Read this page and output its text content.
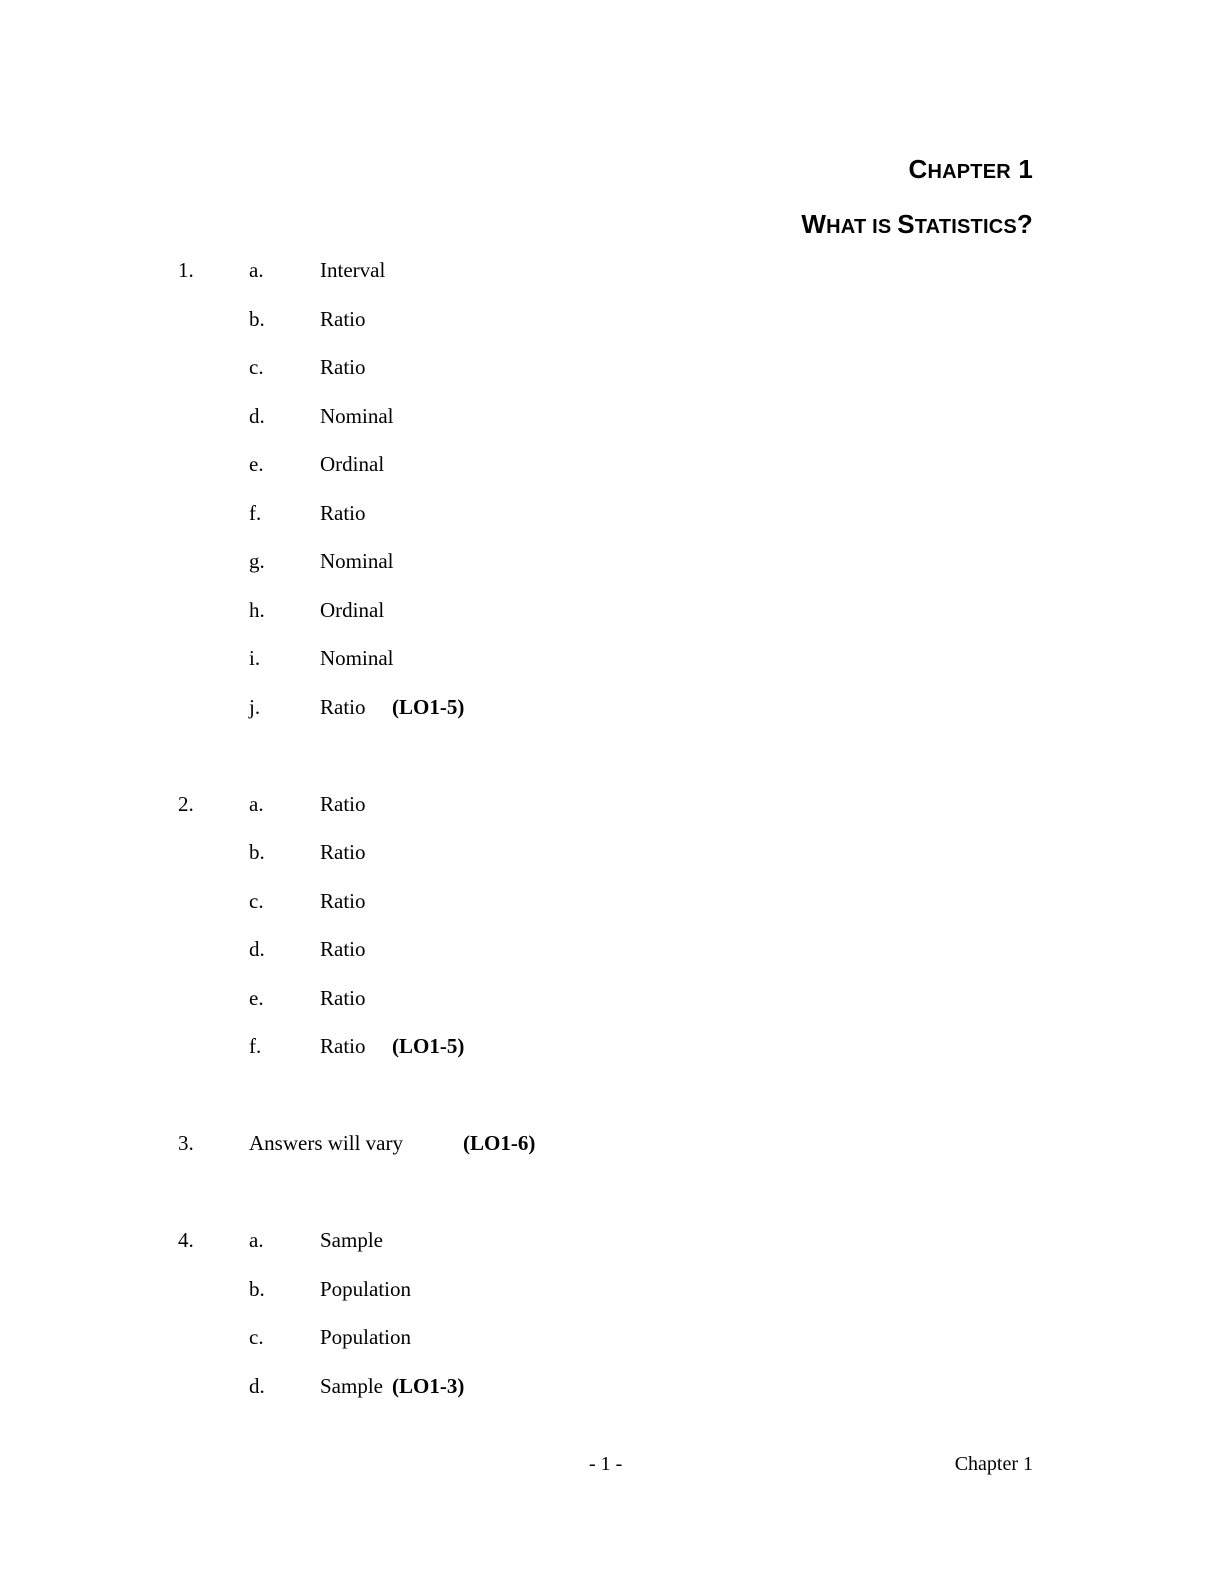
CHAPTER 1
WHAT IS STATISTICS?
1.	a.	Interval
b.	Ratio
c.	Ratio
d.	Nominal
e.	Ordinal
f.	Ratio
g.	Nominal
h.	Ordinal
i.	Nominal
j.	Ratio (LO1-5)
2.	a.	Ratio
b.	Ratio
c.	Ratio
d.	Ratio
e.	Ratio
f.	Ratio (LO1-5)
3.	Answers will vary	(LO1-6)
4.	a.	Sample
b.	Population
c.	Population
d.	Sample (LO1-3)
- 1 -	Chapter 1
